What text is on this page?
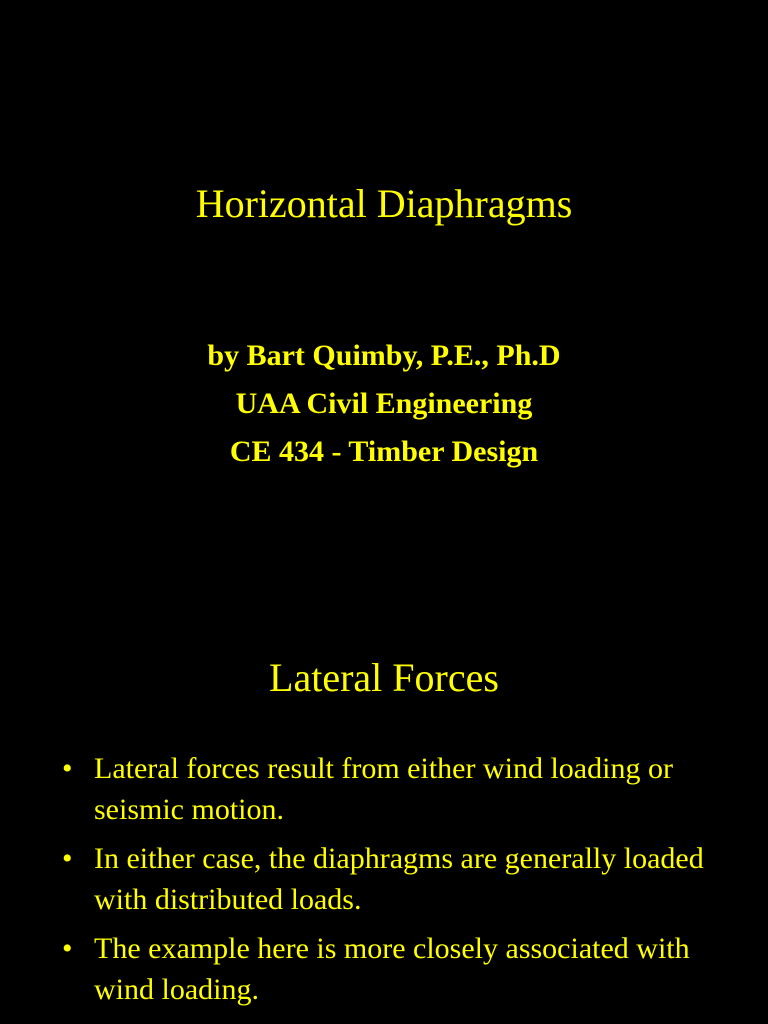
Horizontal Diaphragms

by Bart Quimby, P.E., Ph.D

UAA Civil Engineering

CE 434 - Timber Design

Lateral Forces
• Lateral forces result from either wind loading or seismic motion.
• In either case, the diaphragms are generally loaded with distributed loads.
• The example here is more closely associated with wind loading.
